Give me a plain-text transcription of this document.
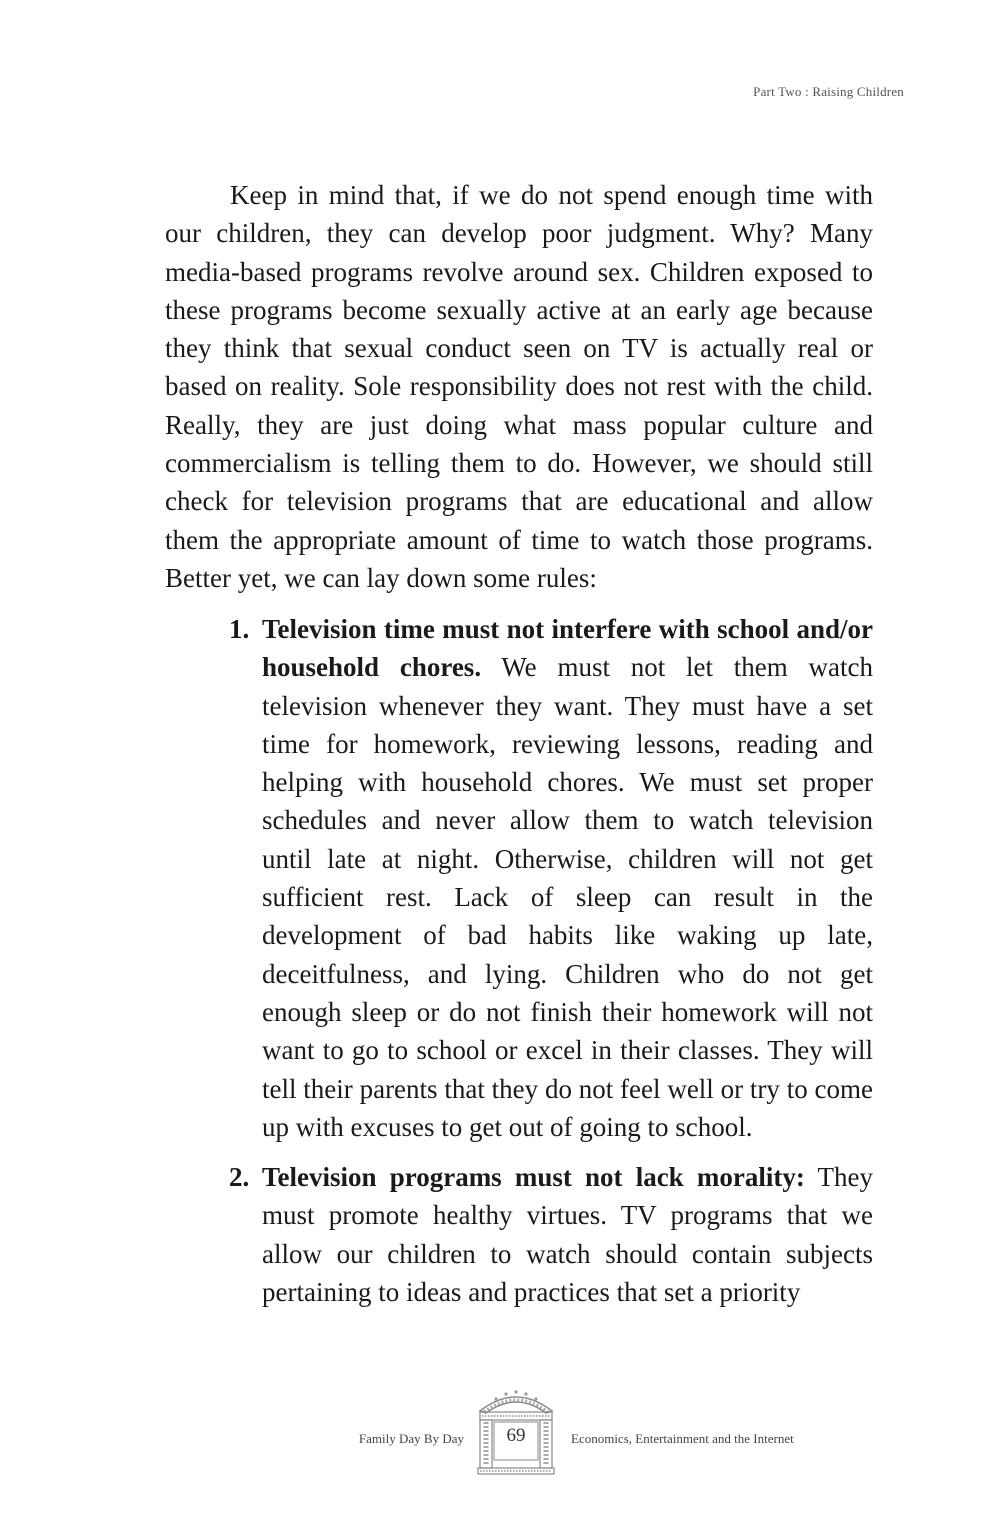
Part Two : Raising Children

Keep in mind that, if we do not spend enough time with our children, they can develop poor judgment. Why? Many media-based programs revolve around sex. Children exposed to these programs become sexually active at an early age because they think that sexual conduct seen on TV is actually real or based on reality. Sole responsibility does not rest with the child. Really, they are just doing what mass popular culture and commercialism is telling them to do. However, we should still check for television programs that are educational and allow them the appropriate amount of time to watch those programs. Better yet, we can lay down some rules:

1. Television time must not interfere with school and/or household chores. We must not let them watch television whenever they want. They must have a set time for homework, reviewing lessons, reading and helping with household chores. We must set proper schedules and never allow them to watch television until late at night. Otherwise, children will not get sufficient rest. Lack of sleep can result in the development of bad habits like waking up late, deceitfulness, and lying. Children who do not get enough sleep or do not finish their homework will not want to go to school or excel in their classes. They will tell their parents that they do not feel well or try to come up with excuses to get out of going to school.
2. Television programs must not lack morality: They must promote healthy virtues. TV programs that we allow our children to watch should contain subjects pertaining to ideas and practices that set a priority
Family Day By Day	69	Economics, Entertainment and the Internet
